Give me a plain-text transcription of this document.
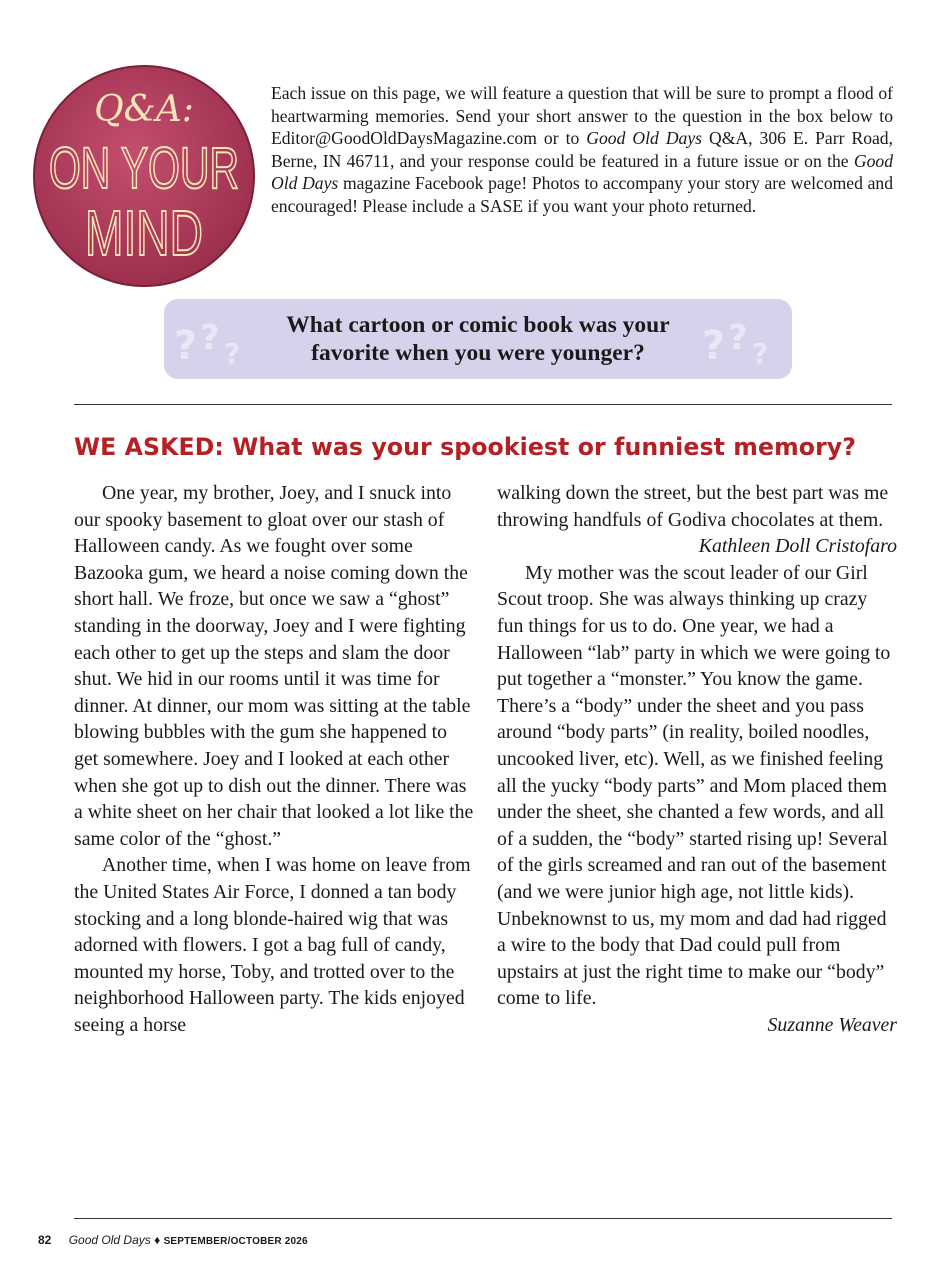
Q&A:
ON YOUR
MIND

Each issue on this page, we will feature a question that will be sure to prompt a flood of heartwarming memories. Send your short answer to the question in the box below to Editor@GoodOldDaysMagazine.com or to Good Old Days Q&A, 306 E. Parr Road, Berne, IN 46711, and your response could be featured in a future issue or on the Good Old Days magazine Facebook page! Photos to accompany your story are welcomed and encouraged! Please include a SASE if you want your photo returned.

? ? ?

What cartoon or comic book was your
favorite when you were younger?	? ? ?
WE ASKED: What was your spookiest or funniest memory?

One year, my brother, Joey, and I snuck into our spooky basement to gloat over our stash of Halloween candy. As we fought over some Bazooka gum, we heard a noise coming down the short hall. We froze, but once we saw a “ghost” standing in the doorway, Joey and I were fighting each other to get up the steps and slam the door shut. We hid in our rooms until it was time for dinner. At dinner, our mom was sitting at the table blowing bubbles with the gum she happened to get somewhere. Joey and I looked at each other when she got up to dish out the dinner. There was a white sheet on her chair that looked a lot like the same color of the “ghost.”

Another time, when I was home on leave from the United States Air Force, I donned a tan body stocking and a long blonde-haired wig that was adorned with flowers. I got a bag full of candy, mounted my horse, Toby, and trotted over to the neighborhood Halloween party. The kids enjoyed seeing a horse

walking down the street, but the best part was me throwing handfuls of Godiva chocolates at them.

Kathleen Doll Cristofaro

My mother was the scout leader of our Girl Scout troop. She was always thinking up crazy fun things for us to do. One year, we had a Halloween “lab” party in which we were going to put together a “monster.” You know the game. There’s a “body” under the sheet and you pass around “body parts” (in reality, boiled noodles, uncooked liver, etc). Well, as we finished feeling all the yucky “body parts” and Mom placed them under the sheet, she chanted a few words, and all of a sudden, the “body” started rising up! Several of the girls screamed and ran out of the basement (and we were junior high age, not little kids). Unbeknownst to us, my mom and dad had rigged a wire to the body that Dad could pull from upstairs at just the right time to make our “body” come to life.

Suzanne Weaver

82 Good Old Days ♦ SEPTEMBER/OCTOBER 2026
